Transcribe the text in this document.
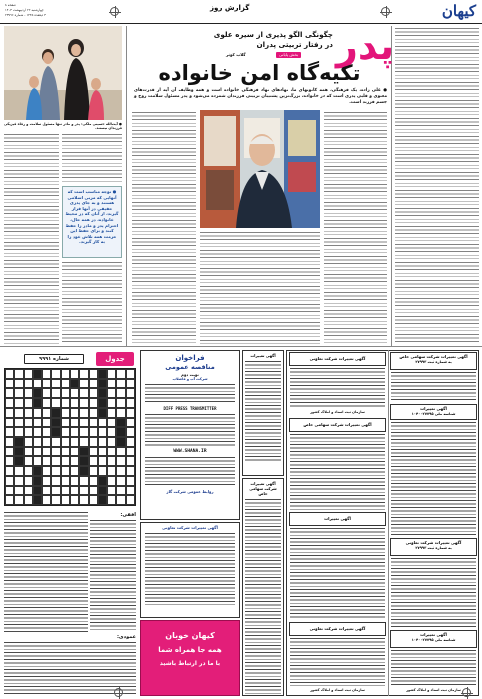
کیهان
گزارش روز
صفحه ۸
چهارشنبه ۲۲ اردیبهشت ۱۴۰۳
۳ ذیقعده ۱۴۴۵ - شماره ۲۳۷۹۶
پدر
چگونگی الگو پذیری از سیره علوی
در رفتار تربیتی پدران
بخش پایانی
گلاب کوثر
تکیه‌گاه امن خانواده
● علی زاده، یک فرهنگی، همه کانونهای ما، نهادهای نهاد فرهنگی خانواده است و همه وظایف آن آیه از قدرت‌های معنوی و قلبی پدری است که در خانواده، بزرگ‌ترین پشتیبان تربیتی فرزندان شمرده می‌شود و پدر مسئول سلامت روح و جسم فرزند است.
● آیت‌الله حسینی ملکی: پدر و مادر تنها مسئول سلامت و رفاه فیزیکی فرزندان نیستند.
● توجه مناسب است که آنهایی که مربی اسلامی هستند و به جای پدری حقیقی در آنها قرار گیرند، از آنان که در محیط خانواده، در همه حال، احترام پدر و مادر را حفظ کنند و برای حفظ این حرمت همه تلاش خود را به کار گیرند.
آگهی تغییرات شرکت سهامی خاص
به شماره ثبت ۲۷۹۹۳
آگهی تغییرات
شناسه ملی ۱۰۴۰۰۲۷۷۹۵
آگهی تغییرات شرکت تعاونی
به شماره ثبت ۲۷۹۹۳
آگهی تغییرات
شناسه ملی ۱۰۴۰۰۲۷۷۹۵
سازمان ثبت اسناد و املاک کشور
آگهی تغییرات شرکت تعاونی
سازمان ثبت اسناد و املاک کشور
آگهی تغییرات شرکت سهامی خاص
آگهی تغییرات
آگهی تغییرات شرکت تعاونی
سازمان ثبت اسناد و املاک کشور
آگهی تغییرات
آگهی تغییرات شرکت سهامی خاص
فراخوان
مناقصه عمومی
نوبت دوم
شرکت آب و فاضلاب
DIFF PRESS TRANSMITTER
WWW.SHANA.IR
روابط عمومی شرکت گاز
آگهی تغییرات شرکت تعاونی
کیهان خوبان
همه جا همراه شما
با ما در ارتباط باشید
جدول
شماره ۹۹۹۱
افقی:
عمودی:
